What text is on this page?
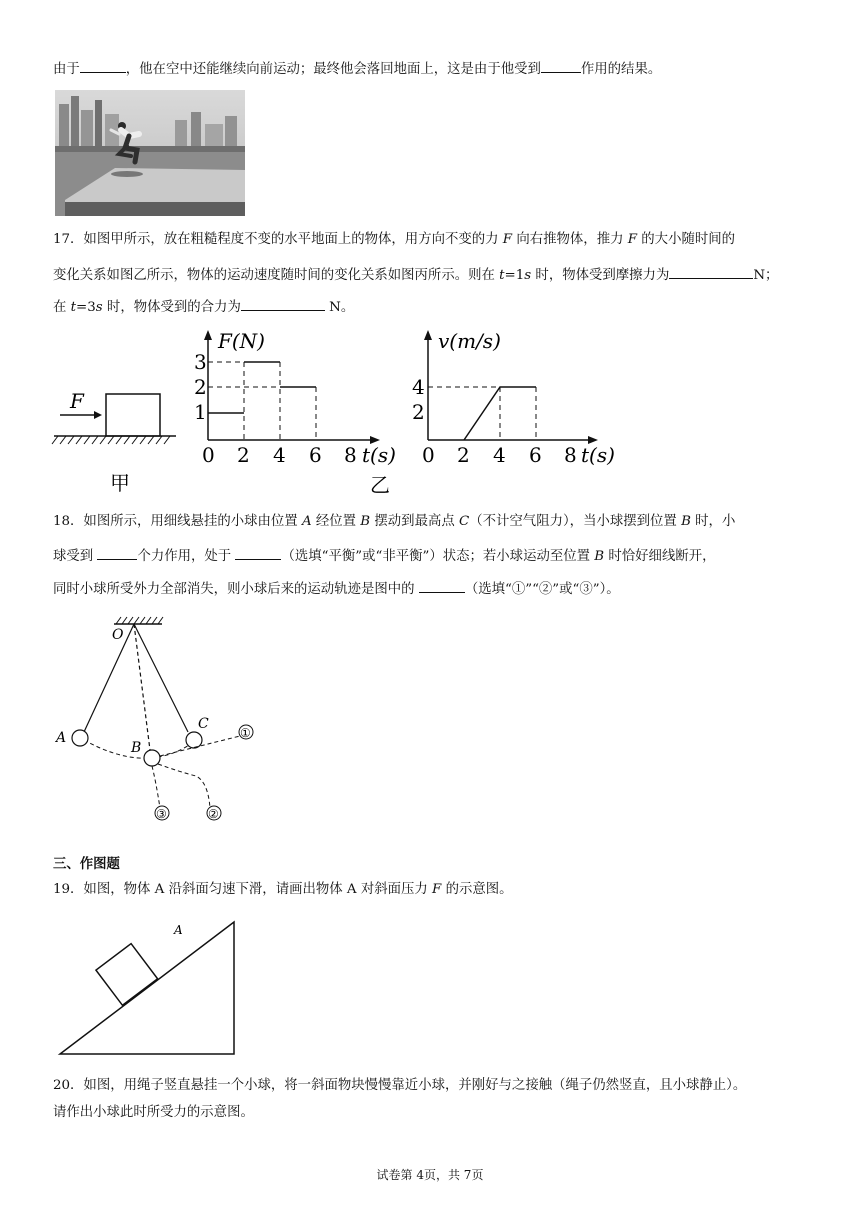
由于	，他在空中还能继续向前运动；最终他会落回地面上，这是由于他受到	作用的结果。
17．如图甲所示，放在粗糙程度不变的水平地面上的物体，用方向不变的力 F 向右推物体，推力 F 的大小随时间的
变化关系如图乙所示，物体的运动速度随时间的变化关系如图丙所示。则在 t=1s 时，物体受到摩擦力为	N；
在 t=3s 时，物体受到的合力为	N。
F
甲
F(N)
t(s)
1
2
3
0 2 4 6 8
乙
v(m/s)
t(s)
2
4
0 2 4 6 8
18．如图所示，用细线悬挂的小球由位置 A 经位置 B 摆动到最高点 C（不计空气阻力），当小球摆到位置 B 时，小
球受到	个力作用，处于	（选填“平衡”或“非平衡”）状态；若小球运动至位置 B 时恰好细线断开，
同时小球所受外力全部消失，则小球后来的运动轨迹是图中的	（选填“①”“②”或“③”）。
O
A
B
C
①
②
③
三、作图题
19．如图，物体 A 沿斜面匀速下滑，请画出物体 A 对斜面压力 F 的示意图。
A
20．如图，用绳子竖直悬挂一个小球，将一斜面物块慢慢靠近小球，并刚好与之接触（绳子仍然竖直，且小球静止）。
请作出小球此时所受力的示意图。
试卷第 4页，共 7页
